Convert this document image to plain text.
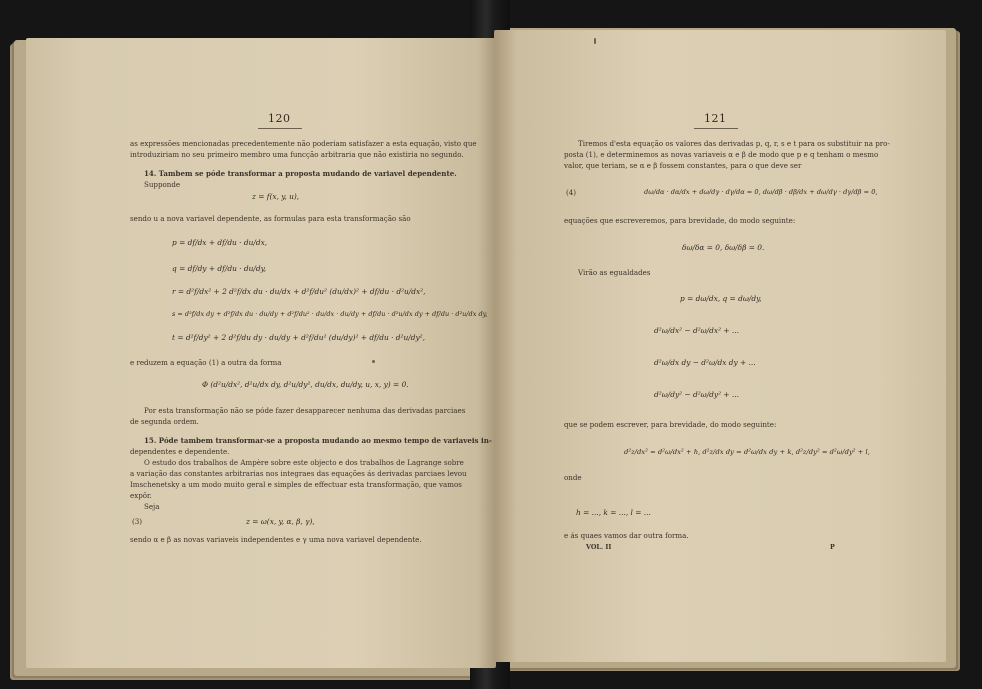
120
as expressões mencionadas precedentemente não poderiam satisfazer a esta equação, visto que
introduziriam no seu primeiro membro uma funcção arbitraria que não existiria no segundo.
14. Tambem se póde transformar a proposta mudando de variavel dependente.
Supponde
z = f(x, y, u),
sendo u a nova variavel dependente, as formulas para esta transformação são
p = df/dx + df/du · du/dx,
q = df/dy + df/du · du/dy,
r = d²f/dx² + 2 d²f/dx du · du/dx + d²f/du² (du/dx)² + df/du · d²u/dx²,
s = d²f/dx dy + d²f/dx du · du/dy + d²f/du² · du/dx · du/dy + df/du · d²u/dx dy + df/du · d²u/dx dy,
t = d²f/dy² + 2 d²f/du dy · du/dy + d²f/du² (du/dy)² + df/du · d²u/dy²,
e reduzem a equação (1) a outra da forma
Φ (d²u/dx², d²u/dx dy, d²u/dy², du/dx, du/dy, u, x, y) = 0.
Por esta transformação não se póde fazer desapparecer nenhuma das derivadas parciaes
de segunda ordem.
15. Póde tambem transformar-se a proposta mudando ao mesmo tempo de variaveis in-
dependentes e dependente.
O estudo dos trabalhos de Ampère sobre este objecto e dos trabalhos de Lagrange sobre
a variação das constantes arbitrarias nos integraes das equações ás derivadas parciaes levou
Imschenetsky a um modo muito geral e simples de effectuar esta transformação, que vamos
expôr.
Seja
(3)	z = ω(x, y, α, β, γ),
sendo α e β as novas variaveis independentes e γ uma nova variavel dependente.
121
Tiremos d'esta equação os valores das derivadas p, q, r, s e t para os substituir na pro-
posta (1), e determinemos as novas variaveis α e β de modo que p e q tenham o mesmo
valor, que teriam, se α e β fossem constantes, para o que deve ser
(4)	dω/dα · dα/dx + dω/dγ · dγ/dα = 0, dω/dβ · dβ/dx + dω/dγ · dγ/dβ = 0,
equações que escreveremos, para brevidade, do modo seguinte:
δω/δα = 0, δω/δβ = 0.
Virão as egualdades
p = dω/dx, q = dω/dy,
d²ω/dx² − d²ω/dx² + ...
d²ω/dx dy − d²ω/dx dy + ...
d²ω/dy² − d²ω/dy² + ...
que se podem escrever, para brevidade, do modo seguinte:
d²z/dx² = d²ω/dx² + h, d²z/dx dy = d²ω/dx dy + k, d²z/dy² = d²ω/dy² + l,
onde
h = ..., k = ..., l = ...
e ás quaes vamos dar outra forma.
VOL. II	P
